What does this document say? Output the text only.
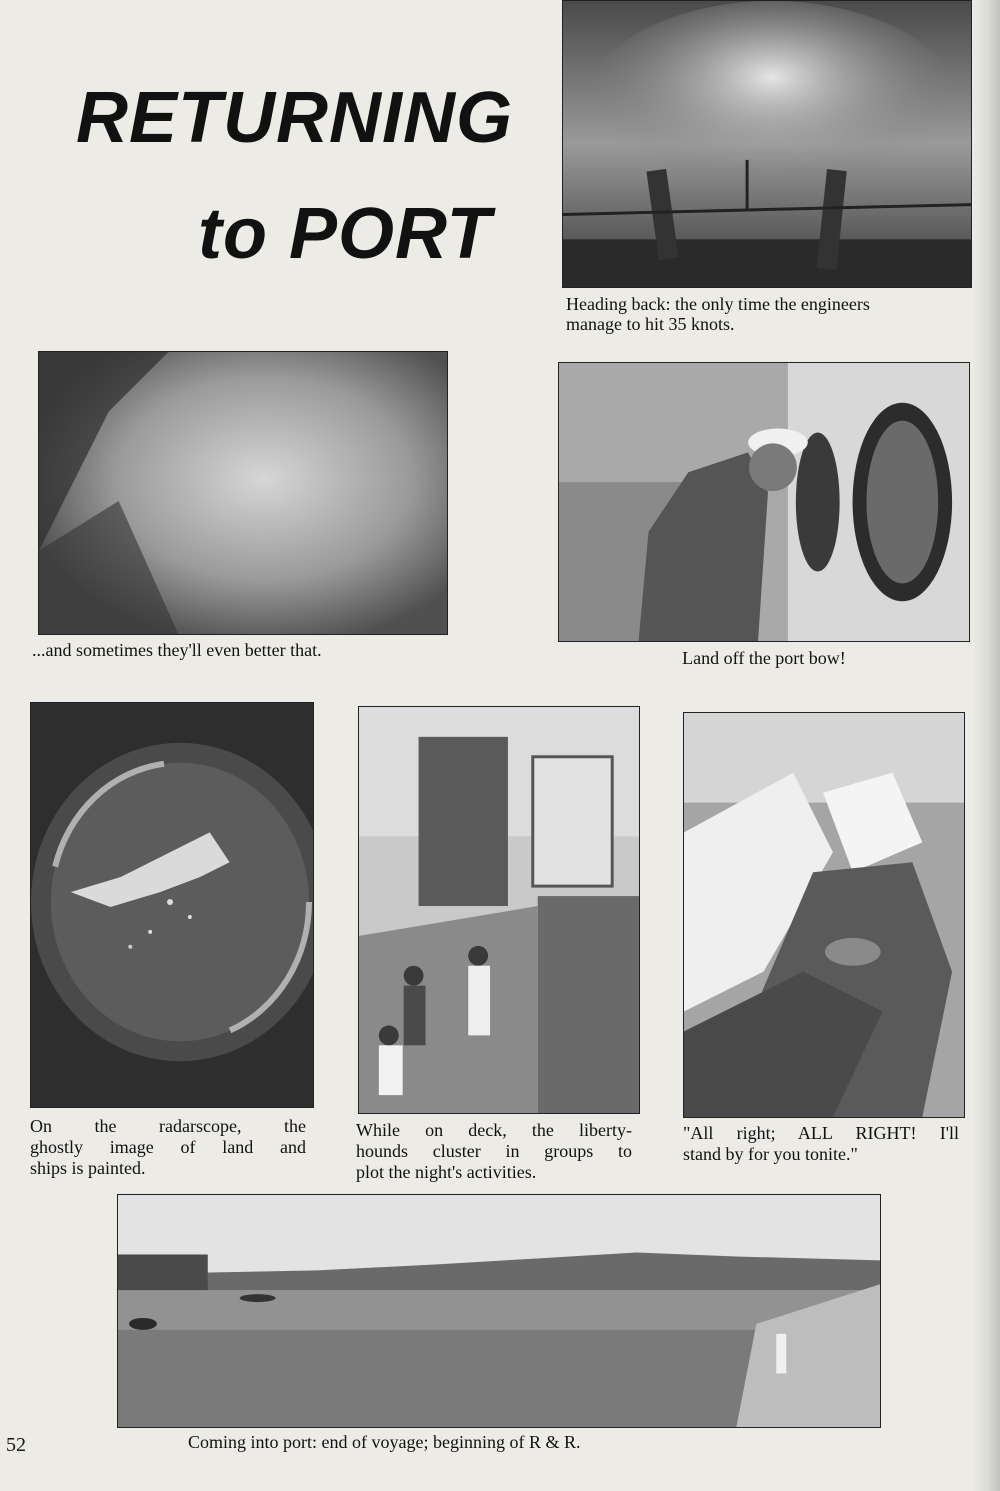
RETURNING
to PORT
Heading back: the only time the engineers
manage to hit 35 knots.
...and sometimes they'll even better that.	Land off the port bow!
On the radarscope, the
ghostly image of land and
ships is painted.
While on deck, the liberty-
hounds cluster in groups to
plot the night's activities.
"All right; ALL RIGHT! I'll
stand by for you tonite."
Coming into port: end of voyage; beginning of R & R.
52
